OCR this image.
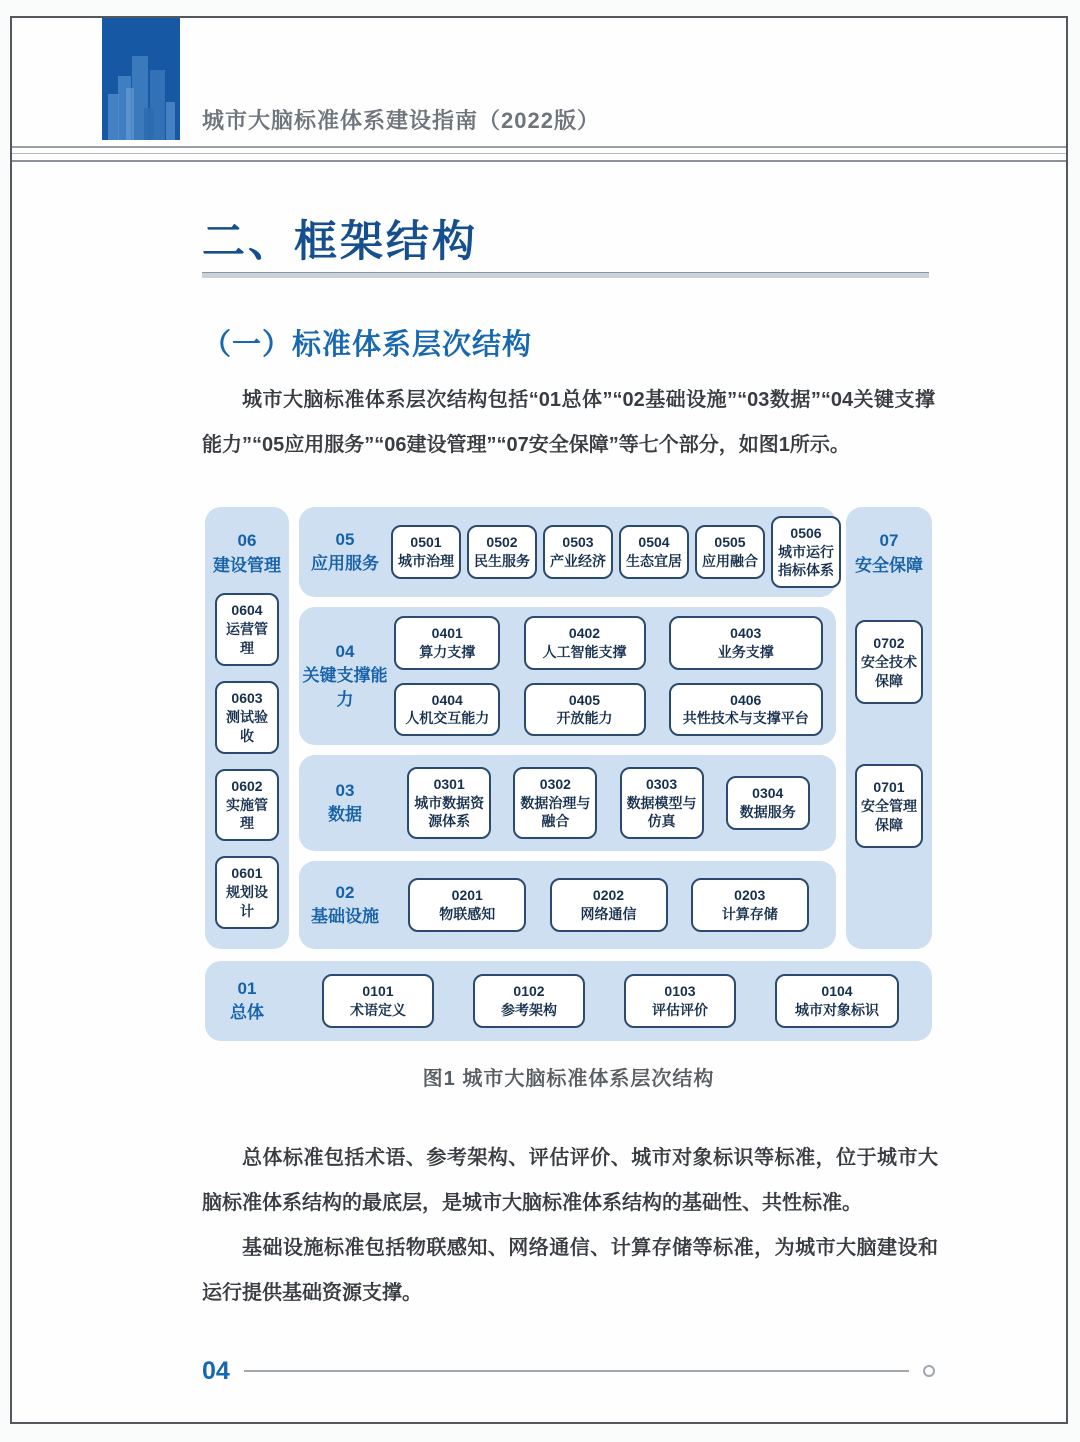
城市大脑标准体系建设指南（2022版）
二、框架结构
（一）标准体系层次结构
城市大脑标准体系层次结构包括“01总体”“02基础设施”“03数据”“04关键支撑能力”“05应用服务”“06建设管理”“07安全保障”等七个部分，如图1所示。
06
建设管理
0604
运营管理
0603
测试验收
0602
实施管理
0601
规划设计
05
应用服务
0501
城市治理
0502
民生服务
0503
产业经济
0504
生态宜居
0505
应用融合
0506
城市运行指标体系
04
关键支撑能力
0401
算力支撑
0402
人工智能支撑
0403
业务支撑
0404
人机交互能力
0405
开放能力
0406
共性技术与支撑平台
03
数据
0301
城市数据资源体系
0302
数据治理与融合
0303
数据模型与仿真
0304
数据服务
02
基础设施
0201
物联感知
0202
网络通信
0203
计算存储
07
安全保障
0702
安全技术保障
0701
安全管理保障
01
总体
0101
术语定义
0102
参考架构
0103
评估评价
0104
城市对象标识
图1 城市大脑标准体系层次结构

总体标准包括术语、参考架构、评估评价、城市对象标识等标准，位于城市大脑标准体系结构的最底层，是城市大脑标准体系结构的基础性、共性标准。

基础设施标准包括物联感知、网络通信、计算存储等标准，为城市大脑建设和运行提供基础资源支撑。

04
